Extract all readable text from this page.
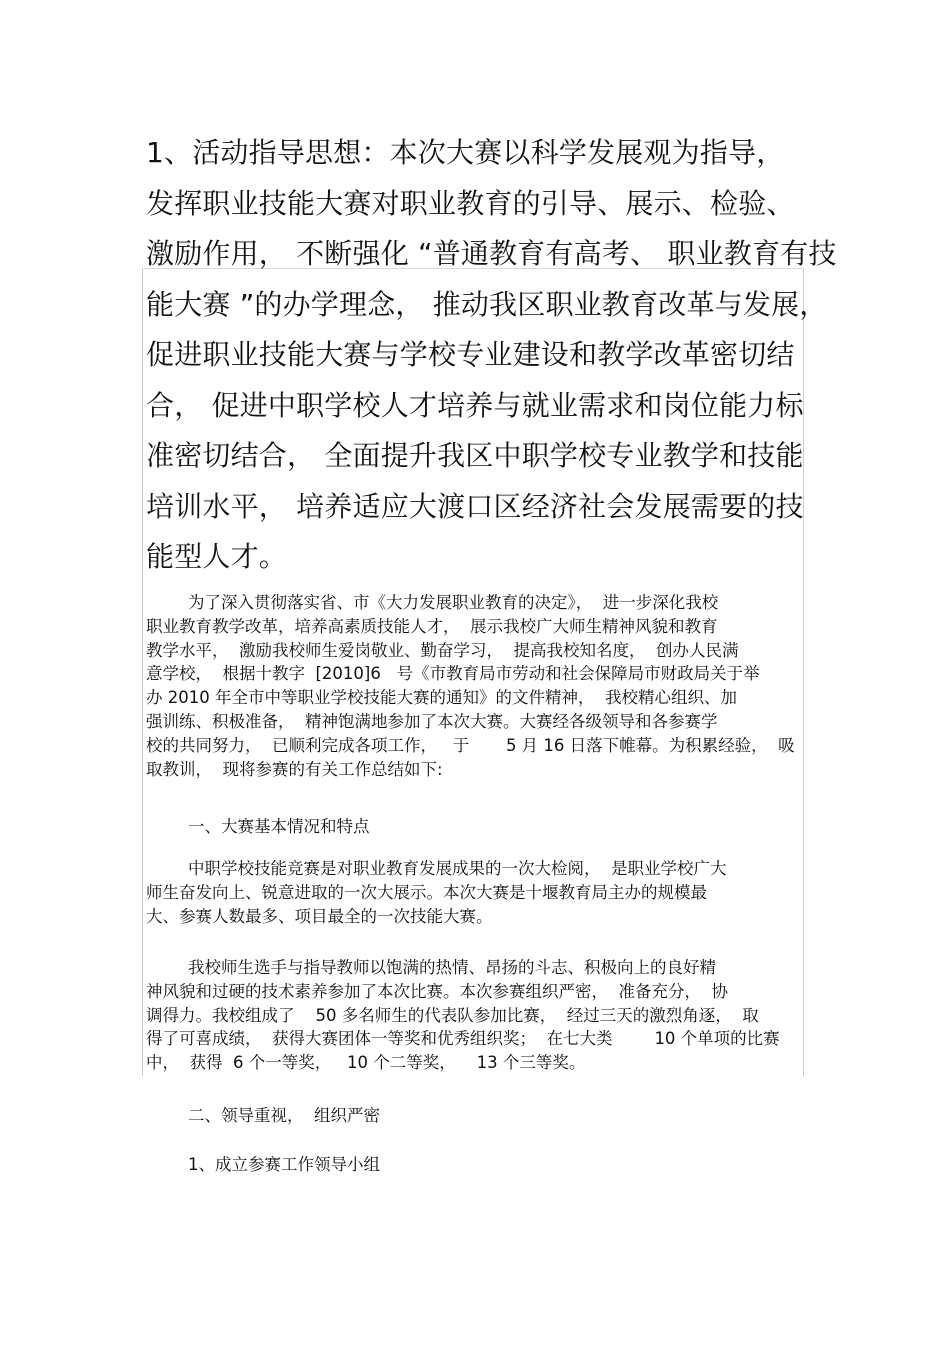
1、活动指导思想：本次大赛以科学发展观为指导，
发挥职业技能大赛对职业教育的引导、展示、检验、
激励作用， 不断强化 “普通教育有高考、 职业教育有技
能大赛 ”的办学理念， 推动我区职业教育改革与发展，
促进职业技能大赛与学校专业建设和教学改革密切结
合， 促进中职学校人才培养与就业需求和岗位能力标
准密切结合， 全面提升我区中职学校专业教学和技能
培训水平， 培养适应大渡口区经济社会发展需要的技
能型人才。
为了深入贯彻落实省、市《大力发展职业教育的决定》，  进一步深化我校
职业教育教学改革，培养高素质技能人才，  展示我校广大师生精神风貌和教育
教学水平，  激励我校师生爱岗敬业、勤奋学习，  提高我校知名度，  创办人民满
意学校，  根据十教字  [2010]6   号《市教育局市劳动和社会保障局市财政局关于举
办 2010 年全市中等职业学校技能大赛的通知》的文件精神，  我校精心组织、加
强训练、积极准备，  精神饱满地参加了本次大赛。大赛经各级领导和各参赛学
校的共同努力，  已顺利完成各项工作，   于       5 月 16 日落下帷幕。为积累经验，  吸
取教训，  现将参赛的有关工作总结如下:
一、大赛基本情况和特点
中职学校技能竞赛是对职业教育发展成果的一次大检阅，  是职业学校广大
师生奋发向上、锐意进取的一次大展示。本次大赛是十堰教育局主办的规模最
大、参赛人数最多、项目最全的一次技能大赛。
我校师生选手与指导教师以饱满的热情、昂扬的斗志、积极向上的良好精
神风貌和过硬的技术素养参加了本次比赛。本次参赛组织严密，  准备充分，  协
调得力。我校组成了    50 多名师生的代表队参加比赛，  经过三天的激烈角逐，  取
得了可喜成绩，  获得大赛团体一等奖和优秀组织奖；  在七大类        10 个单项的比赛
中，  获得  6 个一等奖，   10 个二等奖，    13 个三等奖。
二、领导重视，  组织严密
1、成立参赛工作领导小组
